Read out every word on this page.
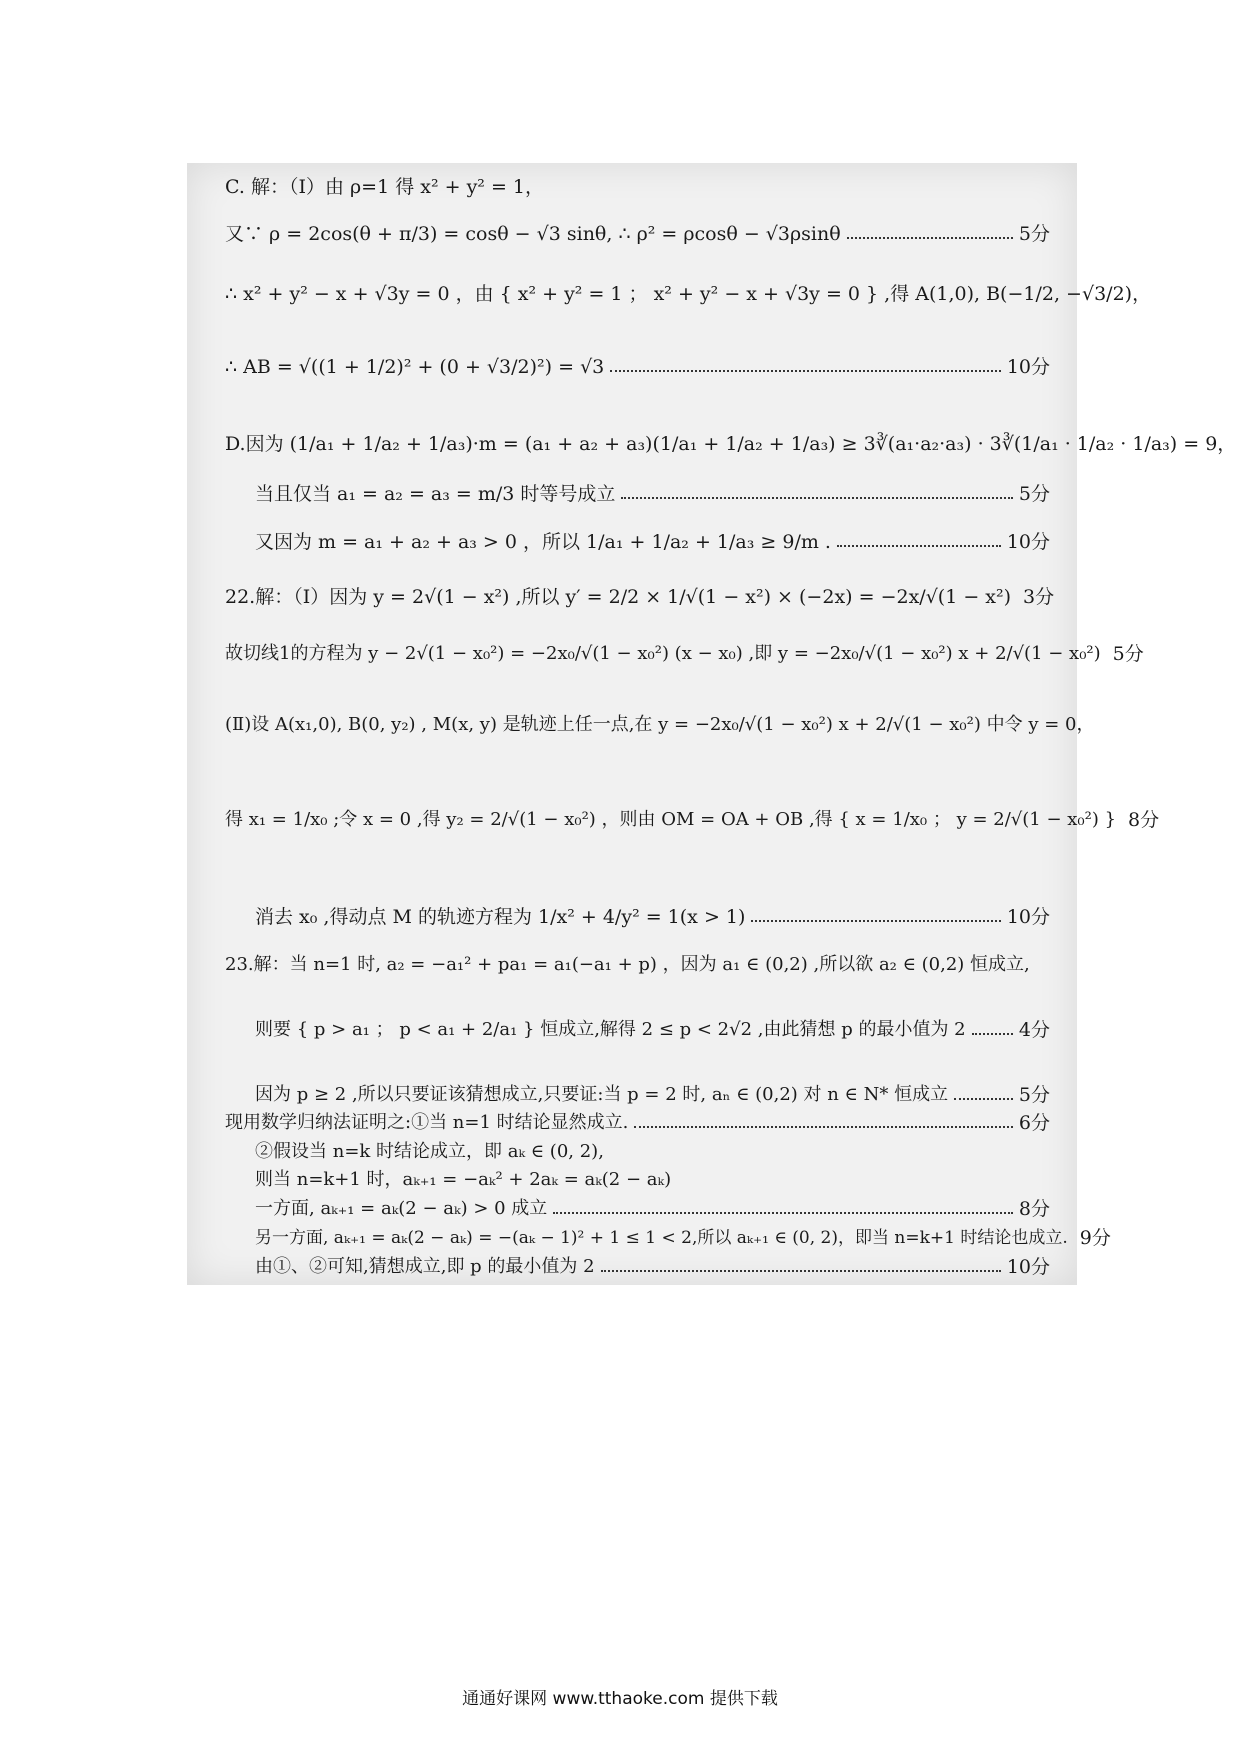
C. 解：（I）由 ρ=1 得 x² + y² = 1，
又∵ ρ = 2cos(θ + π/3) = cosθ − √3 sinθ, ∴ ρ² = ρcosθ − √3ρsinθ	5分
∴ x² + y² − x + √3y = 0 ，由 { x² + y² = 1 ； x² + y² − x + √3y = 0 } ,得 A(1,0), B(−1/2, −√3/2)，
∴ AB = √((1 + 1/2)² + (0 + √3/2)²) = √3	10分
D.因为 (1/a₁ + 1/a₂ + 1/a₃)·m = (a₁ + a₂ + a₃)(1/a₁ + 1/a₂ + 1/a₃) ≥ 3∛(a₁·a₂·a₃) · 3∛(1/a₁ · 1/a₂ · 1/a₃) = 9，
当且仅当 a₁ = a₂ = a₃ = m/3 时等号成立	5分
又因为 m = a₁ + a₂ + a₃ > 0 ，所以 1/a₁ + 1/a₂ + 1/a₃ ≥ 9/m .	10分
22.解：（I）因为 y = 2√(1 − x²) ,所以 y′ = 2/2 × 1/√(1 − x²) × (−2x) = −2x/√(1 − x²) 3分
故切线1的方程为 y − 2√(1 − x₀²) = −2x₀/√(1 − x₀²) (x − x₀) ,即 y = −2x₀/√(1 − x₀²) x + 2/√(1 − x₀²) 5分
(Ⅱ)设 A(x₁,0), B(0, y₂) , M(x, y) 是轨迹上任一点,在 y = −2x₀/√(1 − x₀²) x + 2/√(1 − x₀²) 中令 y = 0，
得 x₁ = 1/x₀ ;令 x = 0 ,得 y₂ = 2/√(1 − x₀²) ，则由 OM = OA + OB ,得 { x = 1/x₀ ； y = 2/√(1 − x₀²) } 8分
消去 x₀ ,得动点 M 的轨迹方程为 1/x² + 4/y² = 1(x > 1)	10分
23.解：当 n=1 时, a₂ = −a₁² + pa₁ = a₁(−a₁ + p) ，因为 a₁ ∈ (0,2) ,所以欲 a₂ ∈ (0,2) 恒成立,
则要 { p > a₁ ； p < a₁ + 2/a₁ } 恒成立,解得 2 ≤ p < 2√2 ,由此猜想 p 的最小值为 2	4分
因为 p ≥ 2 ,所以只要证该猜想成立,只要证:当 p = 2 时, aₙ ∈ (0,2) 对 n ∈ N* 恒成立	5分
现用数学归纳法证明之:①当 n=1 时结论显然成立.	6分
②假设当 n=k 时结论成立，即 aₖ ∈ (0, 2),
则当 n=k+1 时，aₖ₊₁ = −aₖ² + 2aₖ = aₖ(2 − aₖ)
一方面, aₖ₊₁ = aₖ(2 − aₖ) > 0 成立	8分
另一方面, aₖ₊₁ = aₖ(2 − aₖ) = −(aₖ − 1)² + 1 ≤ 1 < 2,所以 aₖ₊₁ ∈ (0, 2)，即当 n=k+1 时结论也成立. 9分
由①、②可知,猜想成立,即 p 的最小值为 2	10分
通通好课网 www.tthaoke.com 提供下载
